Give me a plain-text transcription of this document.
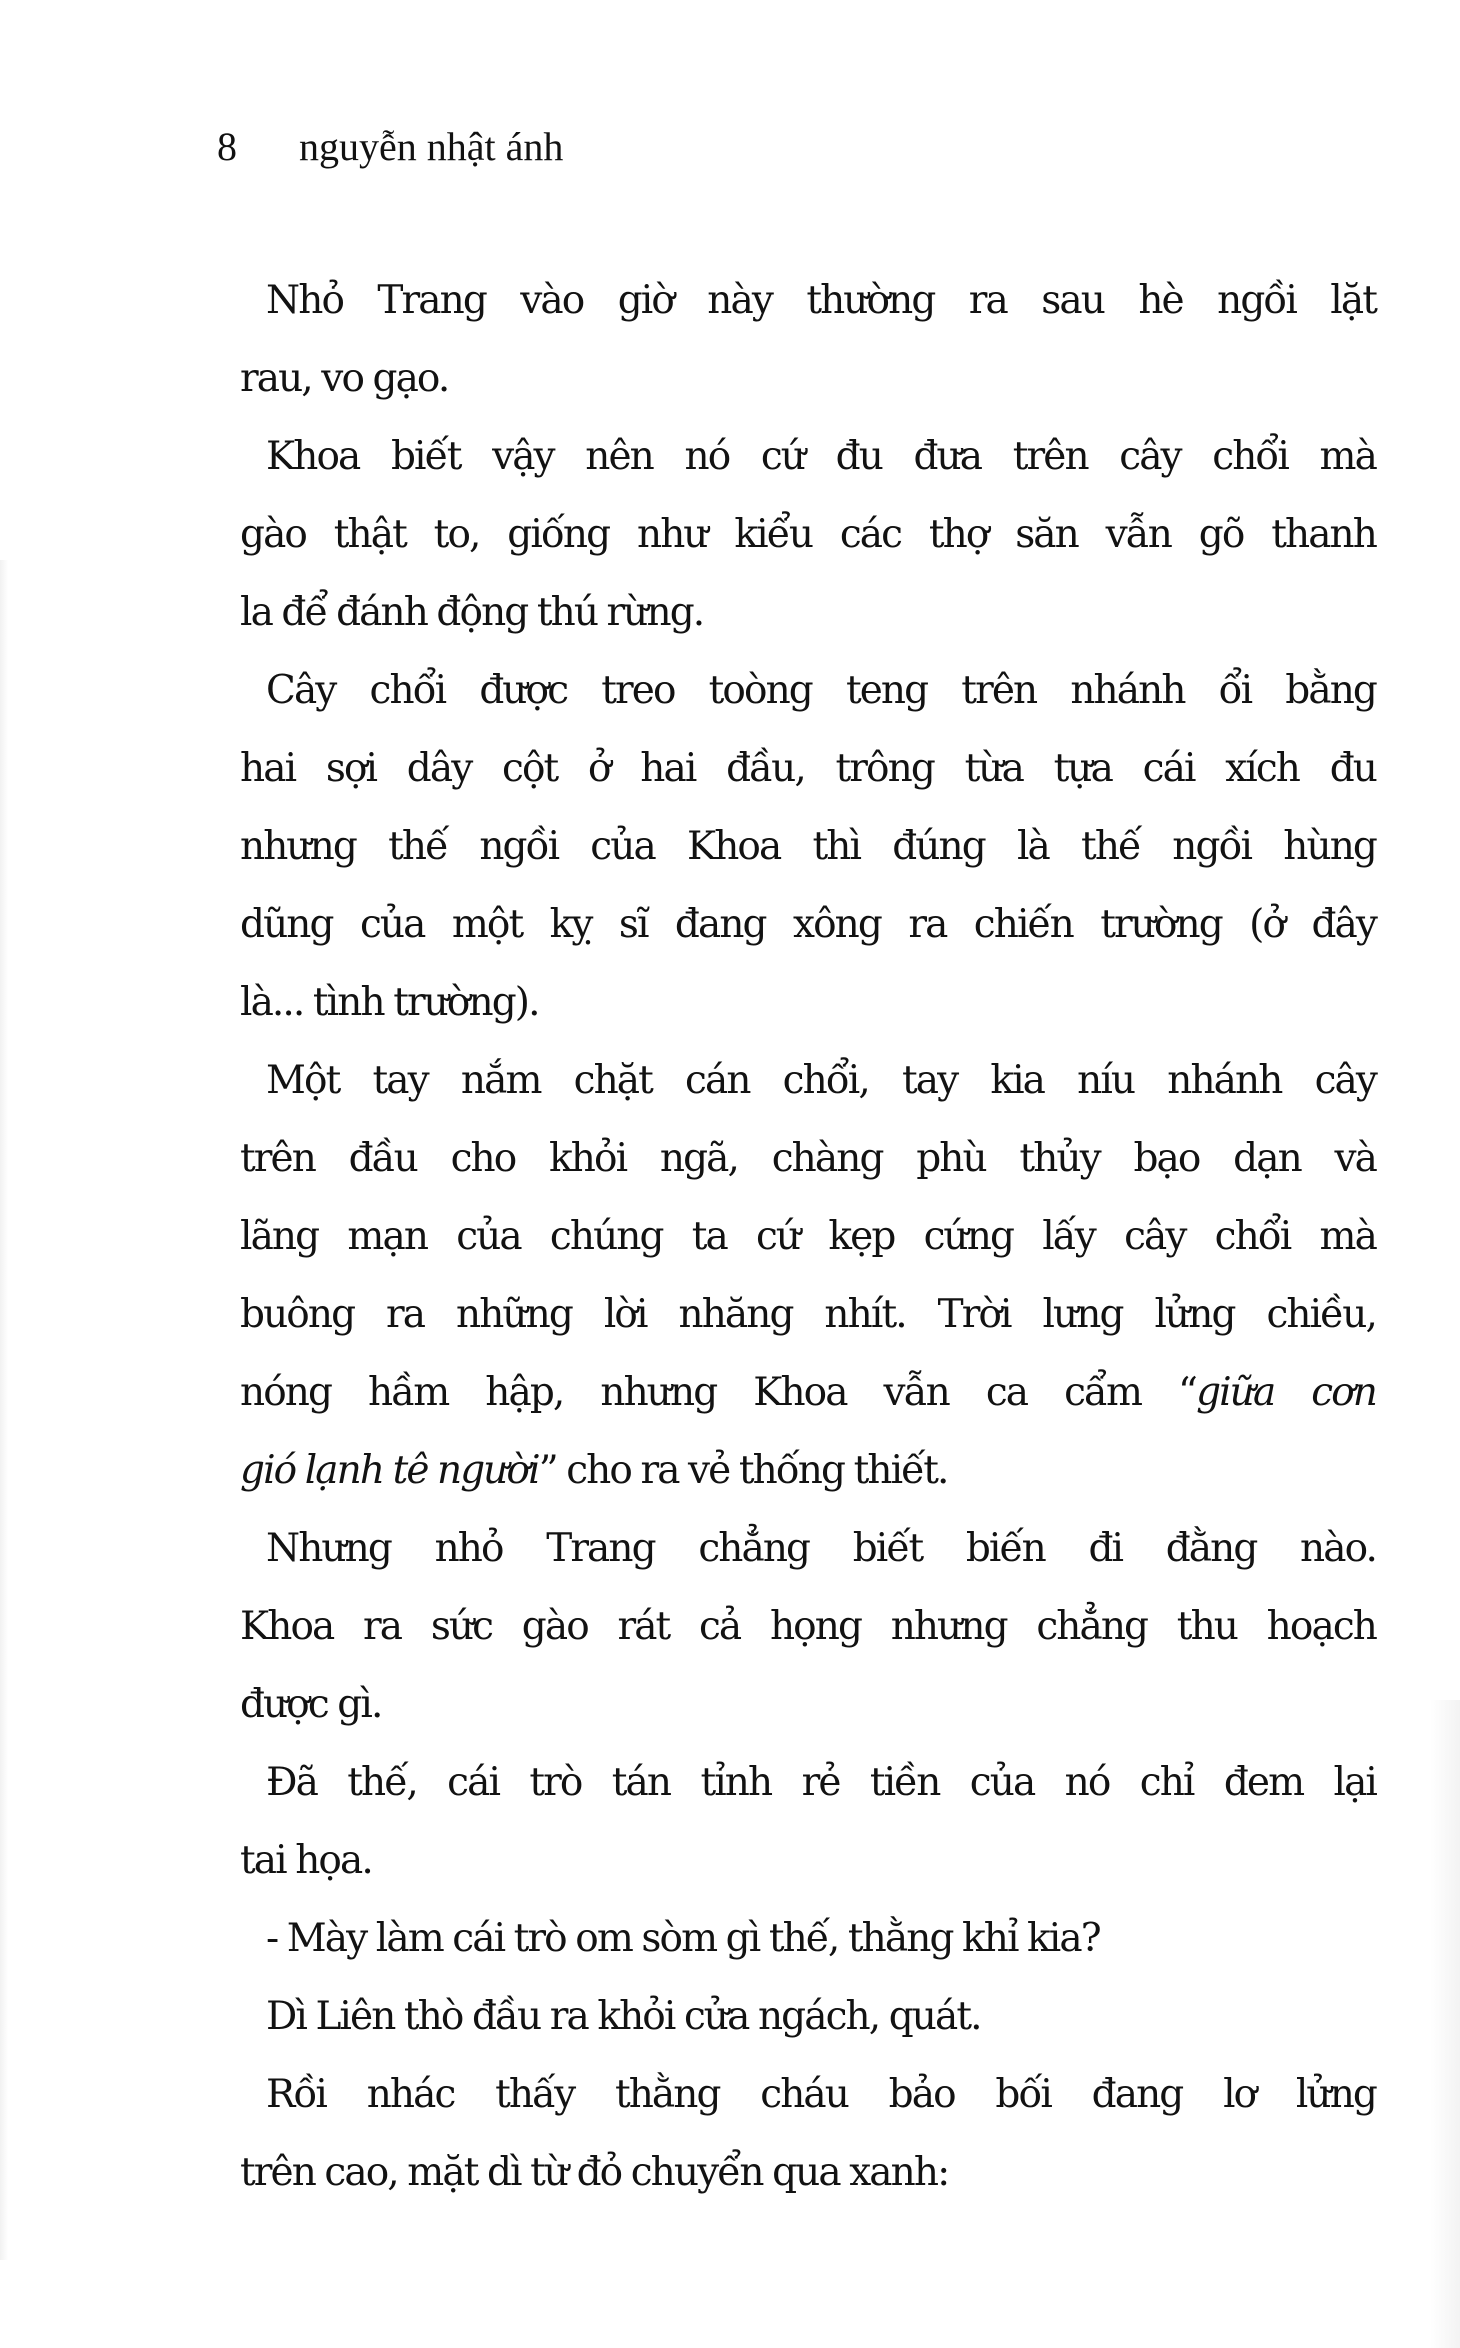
8 nguyễn nhật ánh
Nhỏ Trang vào giờ này thường ra sau hè ngồi lặt
rau, vo gạo.
Khoa biết vậy nên nó cứ đu đưa trên cây chổi mà
gào thật to, giống như kiểu các thợ săn vẫn gõ thanh
la để đánh động thú rừng.
Cây chổi được treo toòng teng trên nhánh ổi bằng
hai sợi dây cột ở hai đầu, trông từa tựa cái xích đu
nhưng thế ngồi của Khoa thì đúng là thế ngồi hùng
dũng của một kỵ sĩ đang xông ra chiến trường (ở đây
là... tình trường).
Một tay nắm chặt cán chổi, tay kia níu nhánh cây
trên đầu cho khỏi ngã, chàng phù thủy bạo dạn và
lãng mạn của chúng ta cứ kẹp cứng lấy cây chổi mà
buông ra những lời nhăng nhít. Trời lưng lửng chiều,
nóng hầm hập, nhưng Khoa vẫn ca cẩm “giữa cơn
gió lạnh tê người” cho ra vẻ thống thiết.
Nhưng nhỏ Trang chẳng biết biến đi đằng nào.
Khoa ra sức gào rát cả họng nhưng chẳng thu hoạch
được gì.
Đã thế, cái trò tán tỉnh rẻ tiền của nó chỉ đem lại
tai họa.
- Mày làm cái trò om sòm gì thế, thằng khỉ kia?
Dì Liên thò đầu ra khỏi cửa ngách, quát.
Rồi nhác thấy thằng cháu bảo bối đang lơ lửng
trên cao, mặt dì từ đỏ chuyển qua xanh:
